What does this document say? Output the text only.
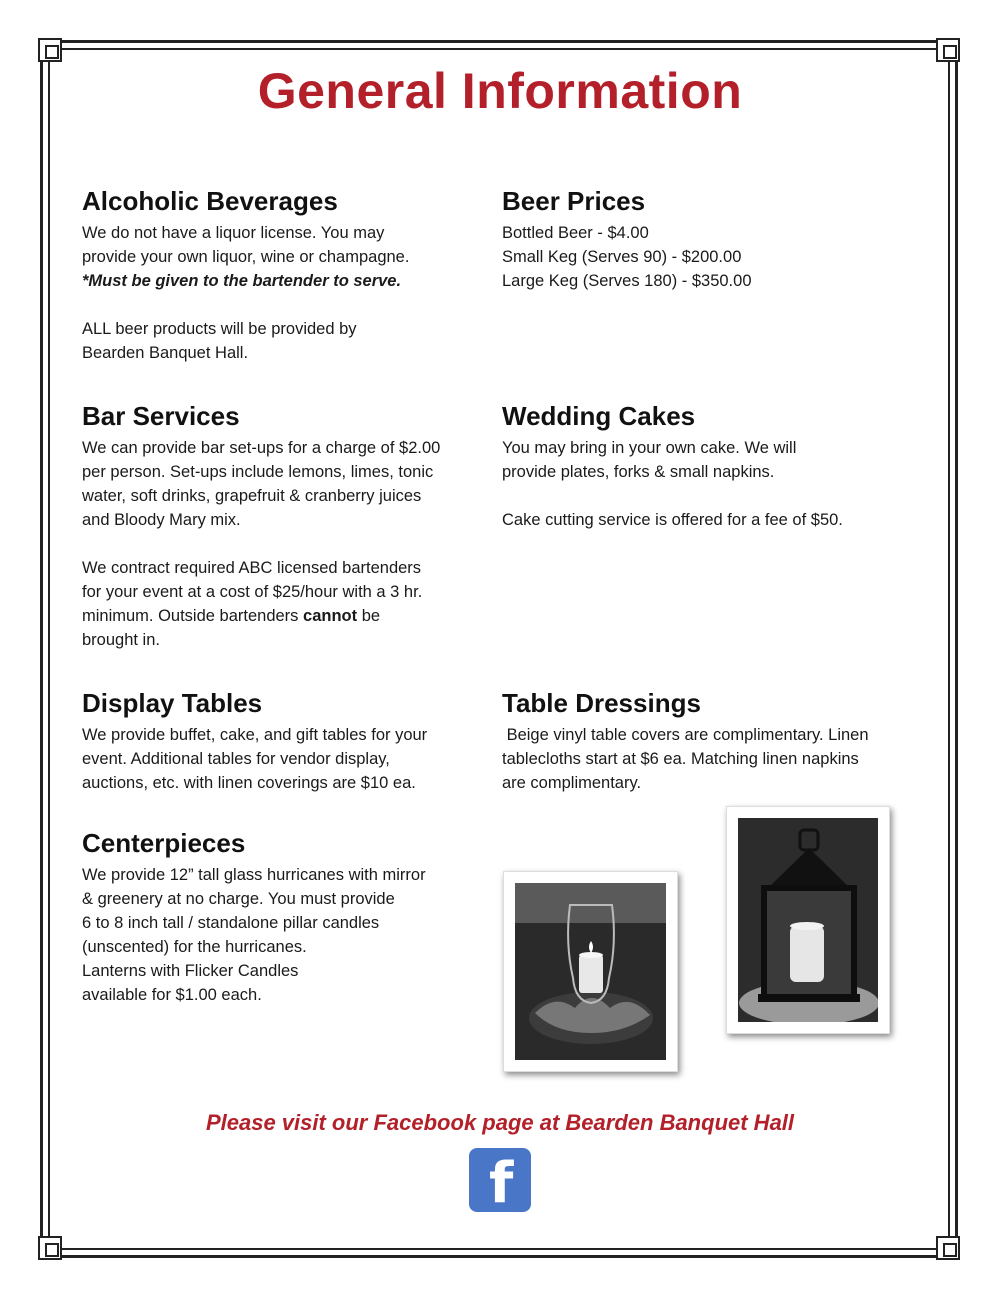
General Information
Alcoholic Beverages

We do not have a liquor license. You may
provide your own liquor, wine or champagne.
*Must be given to the bartender to serve.

ALL beer products will be provided by
Bearden Banquet Hall.

Beer Prices

Bottled Beer - $4.00
Small Keg (Serves 90) - $200.00
Large Keg (Serves 180) - $350.00

Bar Services

We can provide bar set-ups for a charge of $2.00
per person. Set-ups include lemons, limes, tonic
water, soft drinks, grapefruit & cranberry juices
and Bloody Mary mix.

We contract required ABC licensed bartenders
for your event at a cost of $25/hour with a 3 hr.
minimum. Outside bartenders cannot be
brought in.

Wedding Cakes

You may bring in your own cake. We will
provide plates, forks & small napkins.

Cake cutting service is offered for a fee of $50.

Display Tables

We provide buffet, cake, and gift tables for your
event. Additional tables for vendor display,
auctions, etc. with linen coverings are $10 ea.

Table Dressings

Beige vinyl table covers are complimentary. Linen
tablecloths start at $6 ea. Matching linen napkins
are complimentary.

Centerpieces

We provide 12” tall glass hurricanes with mirror
& greenery at no charge. You must provide
6 to 8 inch tall / standalone pillar candles
(unscented) for the hurricanes.
Lanterns with Flicker Candles
available for $1.00 each.

Please visit our Facebook page at Bearden Banquet Hall
f
